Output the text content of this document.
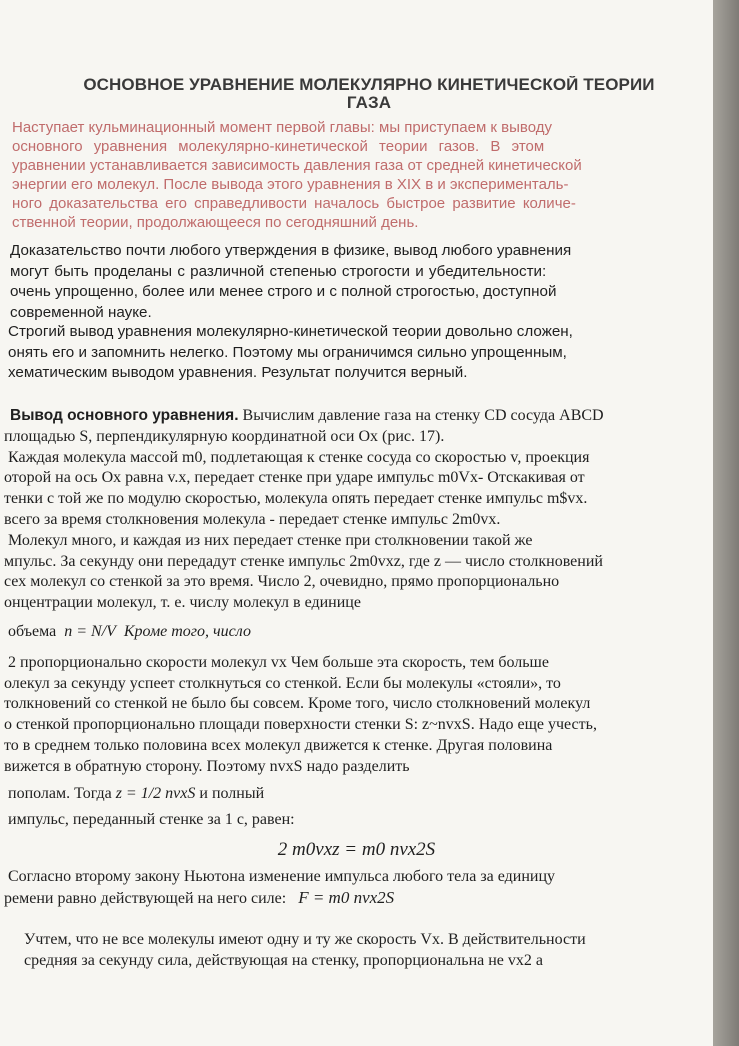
ОСНОВНОЕ УРАВНЕНИЕ МОЛЕКУЛЯРНО КИНЕТИЧЕСКОЙ ТЕОРИИ
ГАЗА
Наступает кульминационный момент первой главы: мы приступаем к выводу
основного уравнения молекулярно-кинетической теории газов. В этом
уравнении устанавливается зависимость давления газа от средней кинетической
энергии его молекул. После вывода этого уравнения в XIX в и эксперименталь-
ного доказательства его справедливости началось быстрое развитие количе-
ственной теории, продолжающееся по сегодняшний день.
Доказательство почти любого утверждения в физике, вывод любого уравнения
могут быть проделаны с различной степенью строгости и убедительности:
очень упрощенно, более или менее строго и с полной строгостью, доступной
современной науке.
Строгий вывод уравнения молекулярно-кинетической теории довольно сложен,
онять его и запомнить нелегко. Поэтому мы ограничимся сильно упрощенным,
хематическим выводом уравнения. Результат получится верный.
Вывод основного уравнения. Вычислим давление газа на стенку CD сосуда ABCD
площадью S, перпендикулярную координатной оси Ох (рис. 17).
Каждая молекула массой m0, подлетающая к стенке сосуда со скоростью v, проекция
оторой на ось Ох равна v.x, передает стенке при ударе импульс m0Vx- Отскакивая от
тенки с той же по модулю скоростью, молекула опять передает стенке импульс m$vx.
всего за время столкновения молекула - передает стенке импульс 2m0vx.
Молекул много, и каждая из них передает стенке при столкновении такой же
мпульс. За секунду они передадут стенке импульс 2m0vxz, где z — число столкновений
сех молекул со стенкой за это время. Число 2, очевидно, прямо пропорционально
онцентрации молекул, т. е. числу молекул в единице
объема n = N/V Кроме того, число
2 пропорционально скорости молекул vx Чем больше эта скорость, тем больше
олекул за секунду успеет столкнуться со стенкой. Если бы молекулы «стояли», то
толкновений со стенкой не было бы совсем. Кроме того, число столкновений молекул
о стенкой пропорционально площади поверхности стенки S: z~nvxS. Надо еще учесть,
то в среднем только половина всех молекул движется к стенке. Другая половина
вижется в обратную сторону. Поэтому nvxS надо разделить
пополам. Тогда z = 1/2 nvxS и полный
импульс, переданный стенке за 1 с, равен:
2 m0vxz = m0 nvx2S
Согласно второму закону Ньютона изменение импульса любого тела за единицу
ремени равно действующей на него силе: F = m0 nvx2S
Учтем, что не все молекулы имеют одну и ту же скорость Vx. В действительности
средняя за секунду сила, действующая на стенку, пропорциональна не vx2 а
